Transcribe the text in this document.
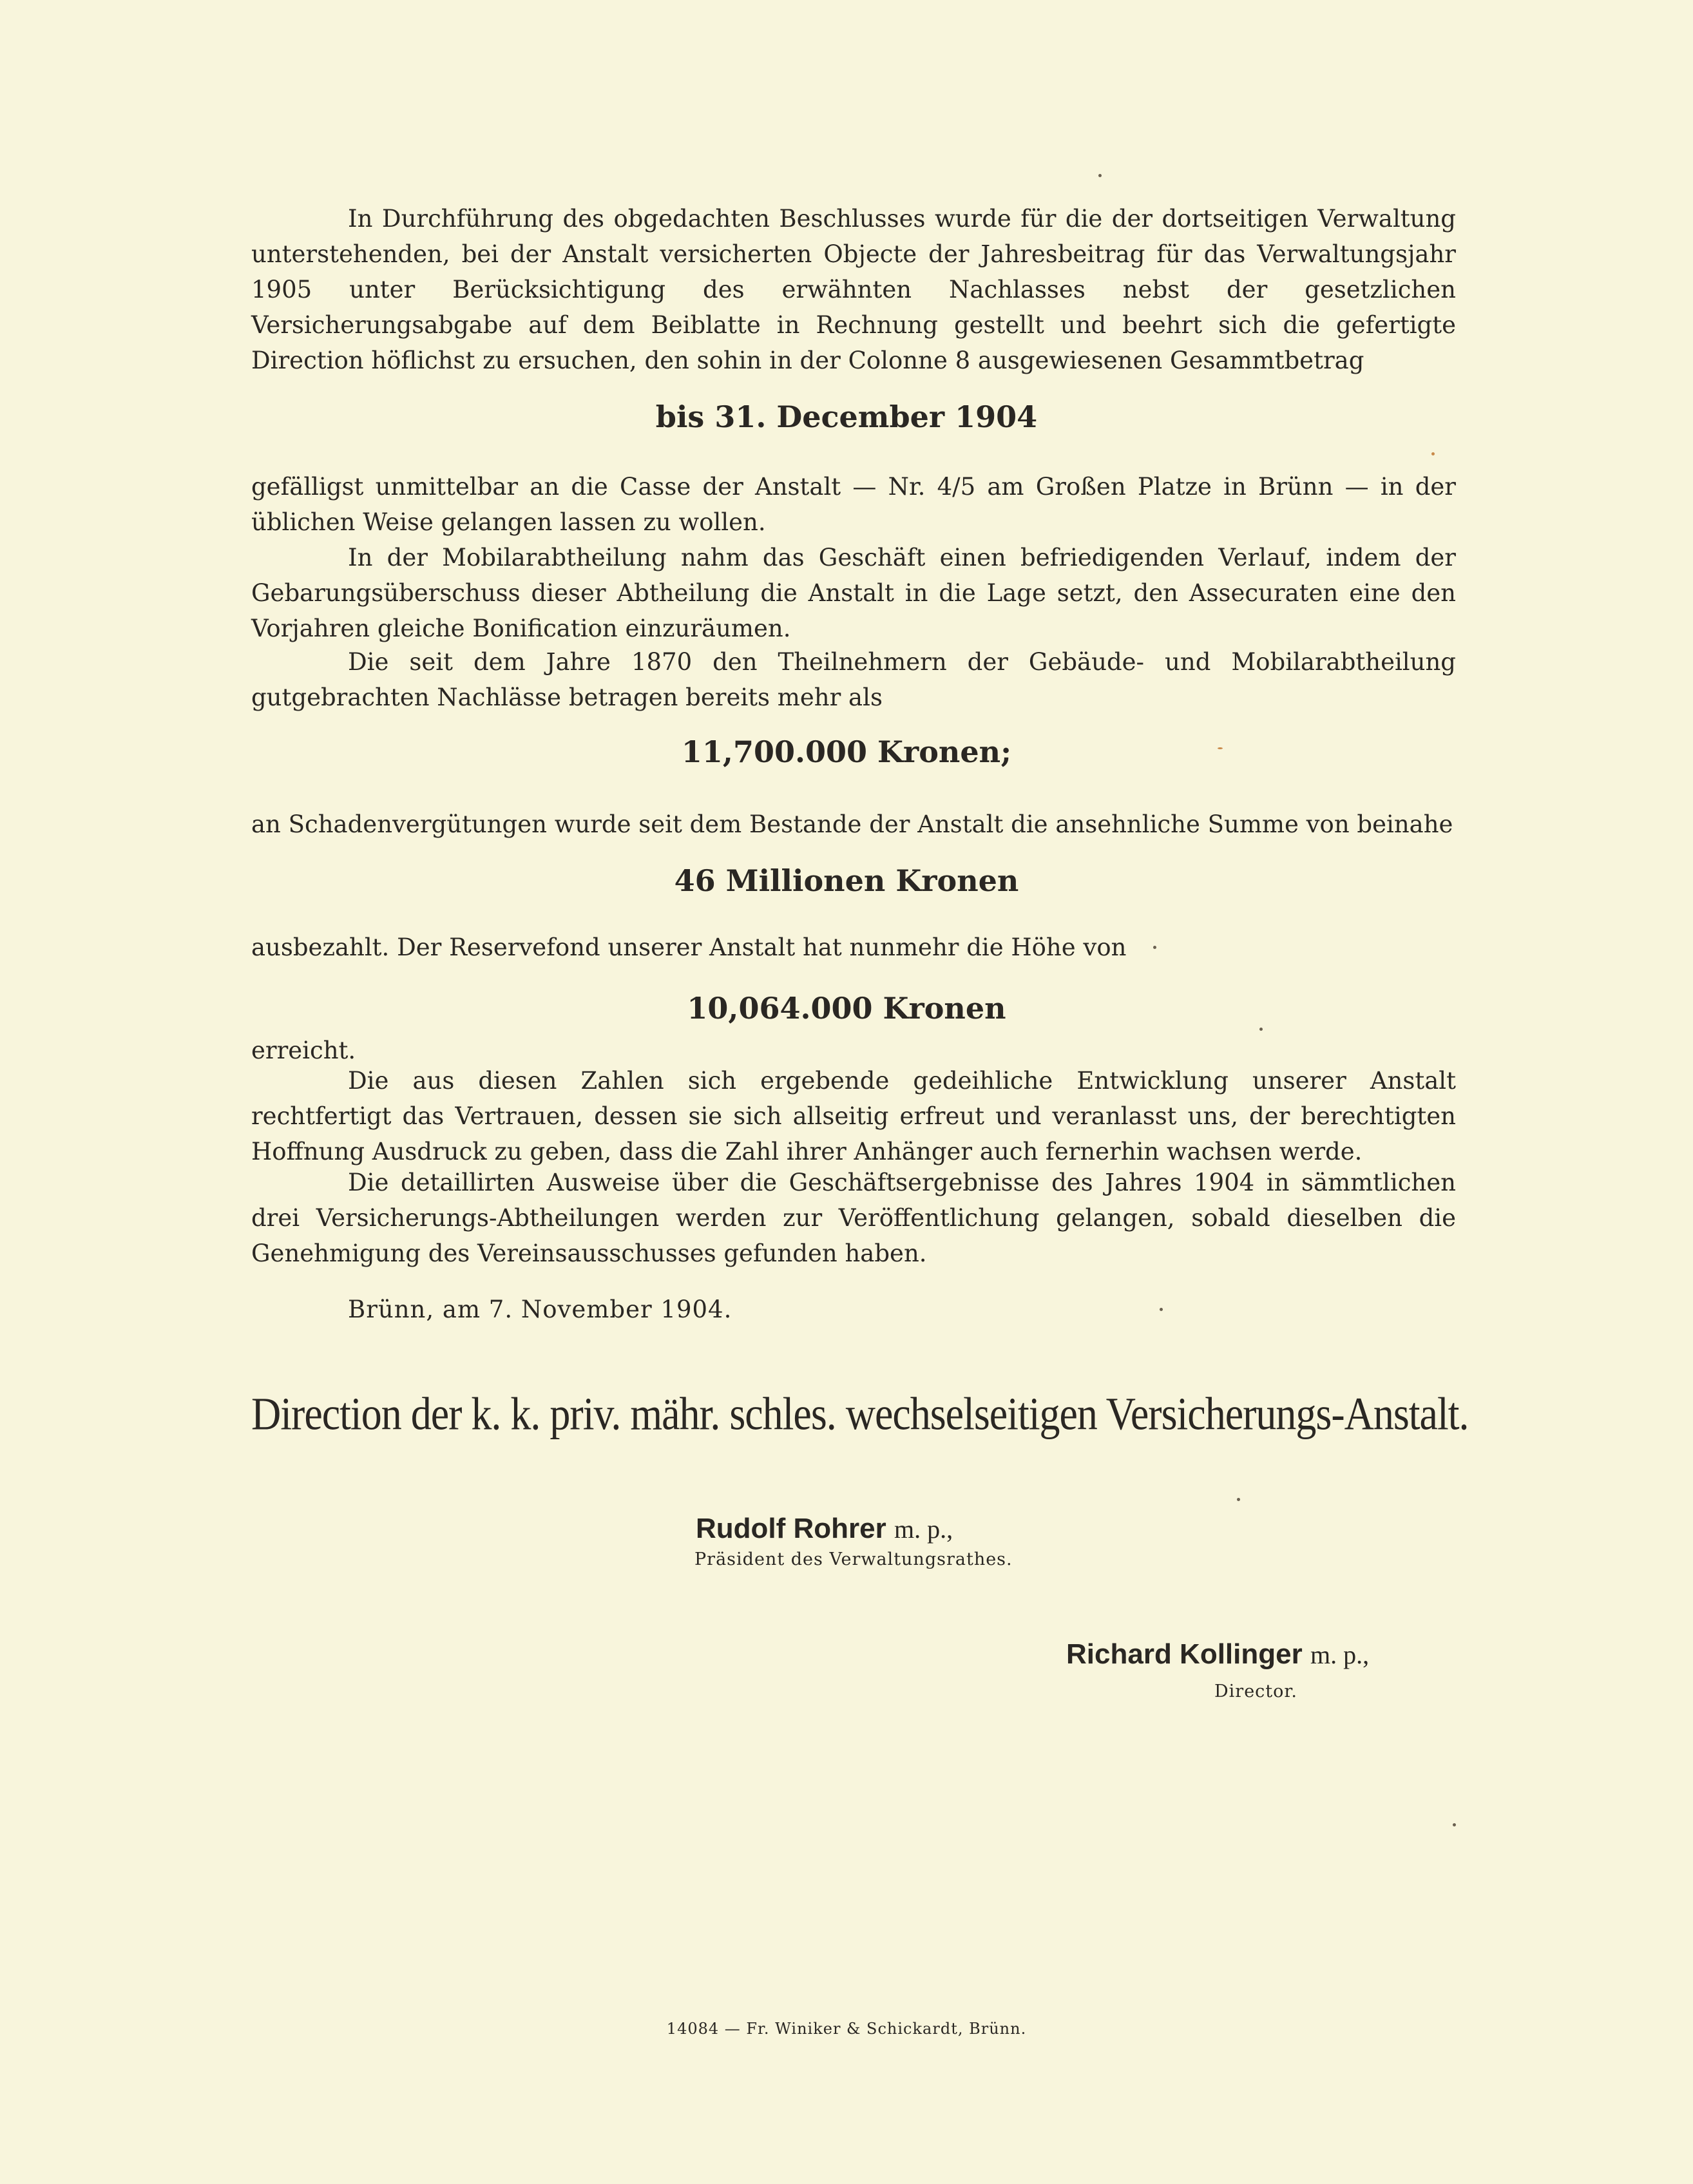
In Durchführung des obgedachten Beschlusses wurde für die der dortseitigen Verwaltung unterstehenden, bei der Anstalt versicherten Objecte der Jahresbeitrag für das Verwaltungsjahr 1905 unter Berücksichtigung des erwähnten Nachlasses nebst der gesetzlichen Versicherungsabgabe auf dem Beiblatte in Rechnung gestellt und beehrt sich die gefertigte Direction höflichst zu ersuchen, den sohin in der Colonne 8 ausgewiesenen Gesammtbetrag

bis 31. December 1904

gefälligst unmittelbar an die Casse der Anstalt — Nr. 4/5 am Großen Platze in Brünn — in der üblichen Weise gelangen lassen zu wollen.

In der Mobilarabtheilung nahm das Geschäft einen befriedigenden Verlauf, indem der Gebarungsüberschuss dieser Abtheilung die Anstalt in die Lage setzt, den Assecuraten eine den Vorjahren gleiche Bonification einzuräumen.

Die seit dem Jahre 1870 den Theilnehmern der Gebäude- und Mobilarabtheilung gutgebrachten Nachlässe betragen bereits mehr als

11,700.000 Kronen;

an Schadenvergütungen wurde seit dem Bestande der Anstalt die ansehnliche Summe von beinahe

46 Millionen Kronen

ausbezahlt. Der Reservefond unserer Anstalt hat nunmehr die Höhe von

10,064.000 Kronen

erreicht.

Die aus diesen Zahlen sich ergebende gedeihliche Entwicklung unserer Anstalt rechtfertigt das Vertrauen, dessen sie sich allseitig erfreut und veranlasst uns, der berechtigten Hoffnung Ausdruck zu geben, dass die Zahl ihrer Anhänger auch fernerhin wachsen werde.

Die detaillirten Ausweise über die Geschäftsergebnisse des Jahres 1904 in sämmtlichen drei Versicherungs-Abtheilungen werden zur Veröffentlichung gelangen, sobald dieselben die Genehmigung des Vereinsausschusses gefunden haben.

Brünn, am 7. November 1904.

Direction der k. k. priv. mähr. schles. wechselseitigen Versicherungs-Anstalt.

Rudolf Rohrer m. p.,
Präsident des Verwaltungsrathes.
Richard Kollinger m. p.,
Director.
14084 — Fr. Winiker & Schickardt, Brünn.
